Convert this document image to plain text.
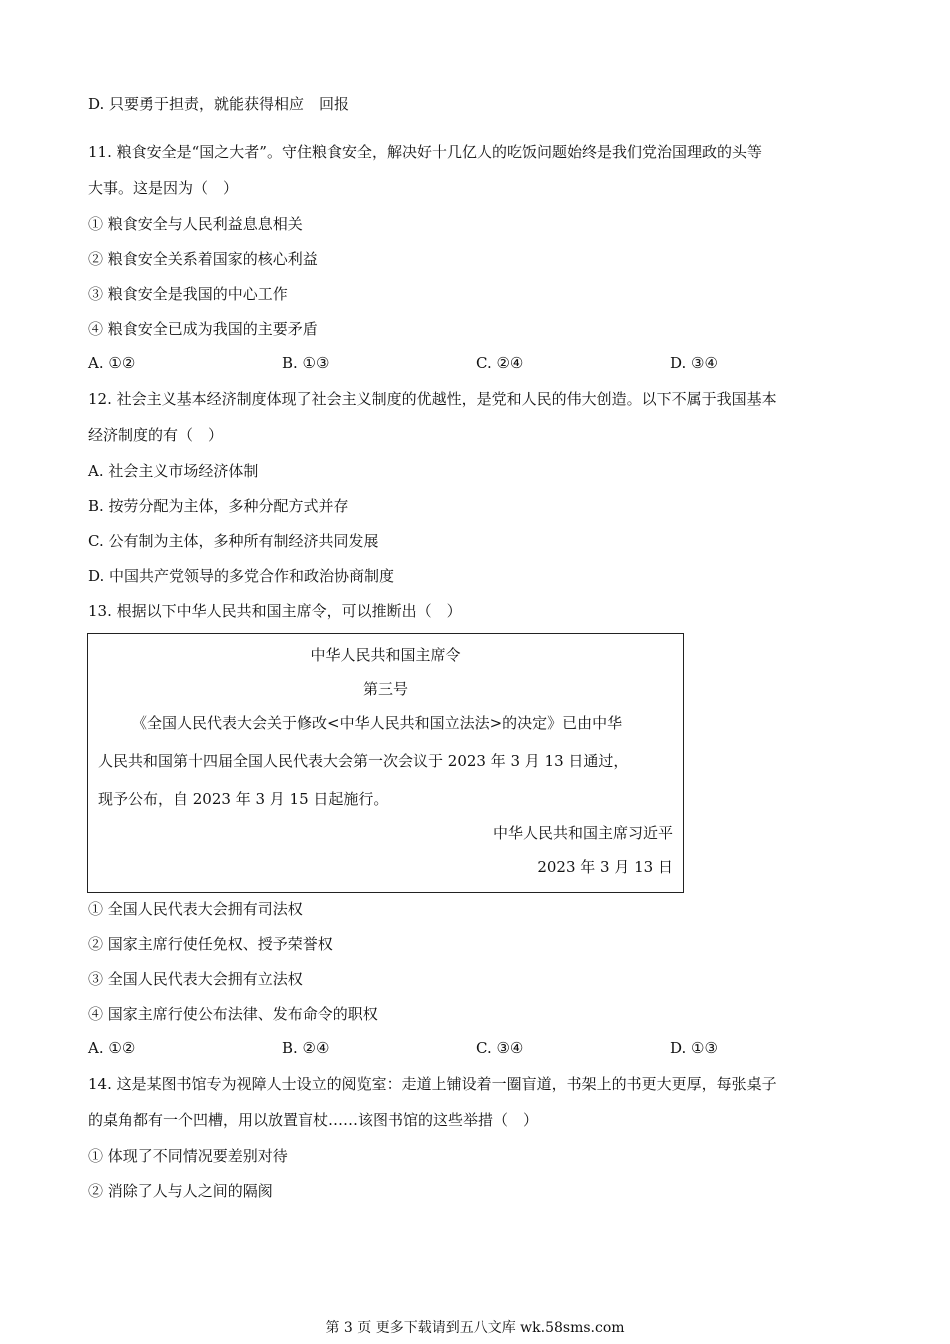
D. 只要勇于担责，就能获得相应　回报
11. 粮食安全是“国之大者”。守住粮食安全，解决好十几亿人的吃饭问题始终是我们党治国理政的头等
大事。这是因为（　）
① 粮食安全与人民利益息息相关
② 粮食安全关系着国家的核心利益
③ 粮食安全是我国的中心工作
④ 粮食安全已成为我国的主要矛盾
A. ①②	B. ①③	C. ②④	D. ③④
12. 社会主义基本经济制度体现了社会主义制度的优越性，是党和人民的伟大创造。以下不属于我国基本
经济制度的有（　）
A. 社会主义市场经济体制
B. 按劳分配为主体，多种分配方式并存
C. 公有制为主体，多种所有制经济共同发展
D. 中国共产党领导的多党合作和政治协商制度
13. 根据以下中华人民共和国主席令，可以推断出（　）
中华人民共和国主席令
第三号
《全国人民代表大会关于修改<中华人民共和国立法法>的决定》已由中华
人民共和国第十四届全国人民代表大会第一次会议于 2023 年 3 月 13 日通过，
现予公布，自 2023 年 3 月 15 日起施行。
中华人民共和国主席习近平
2023 年 3 月 13 日
① 全国人民代表大会拥有司法权
② 国家主席行使任免权、授予荣誉权
③ 全国人民代表大会拥有立法权
④ 国家主席行使公布法律、发布命令的职权
A. ①②	B. ②④	C. ③④	D. ①③
14. 这是某图书馆专为视障人士设立的阅览室：走道上铺设着一圈盲道，书架上的书更大更厚，每张桌子
的桌角都有一个凹槽，用以放置盲杖……该图书馆的这些举措（　）
① 体现了不同情况要差别对待
② 消除了人与人之间的隔阂
第 3 页 更多下载请到五八文库 wk.58sms.com
